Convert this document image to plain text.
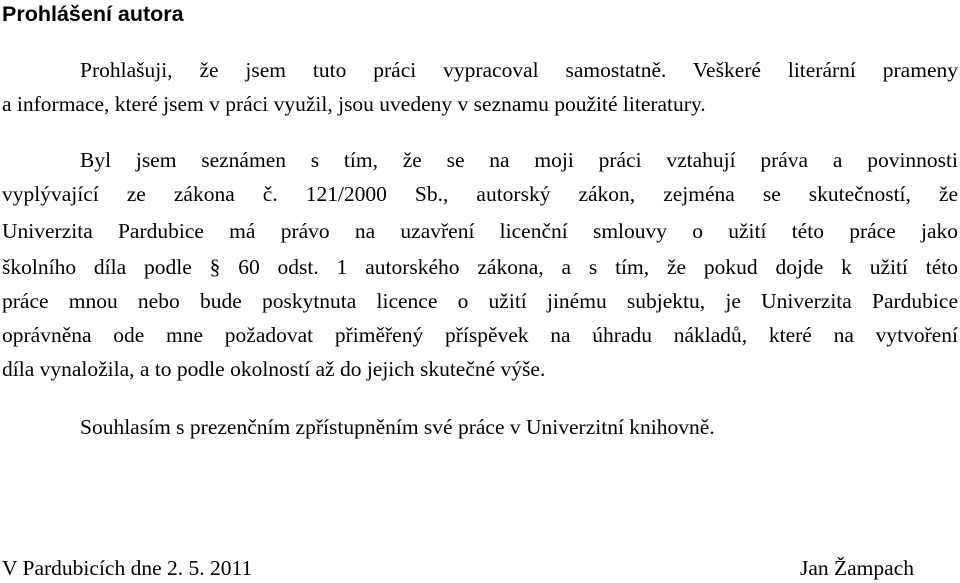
Prohlášení autora
Prohlašuji, že jsem tuto práci vypracoval samostatně. Veškeré literární prameny
a informace, které jsem v práci využil, jsou uvedeny v seznamu použité literatury.
Byl jsem seznámen s tím, že se na moji práci vztahují práva a povinnosti
vyplývající ze zákona č. 121/2000 Sb., autorský zákon, zejména se skutečností, že
Univerzita Pardubice má právo na uzavření licenční smlouvy o užití této práce jako
školního díla podle § 60 odst. 1 autorského zákona, a s tím, že pokud dojde k užití této
práce mnou nebo bude poskytnuta licence o užití jinému subjektu, je Univerzita Pardubice
oprávněna ode mne požadovat přiměřený příspěvek na úhradu nákladů, které na vytvoření
díla vynaložila, a to podle okolností až do jejich skutečné výše.
Souhlasím s prezenčním zpřístupněním své práce v Univerzitní knihovně.
V Pardubicích dne 2. 5. 2011	Jan Žampach
